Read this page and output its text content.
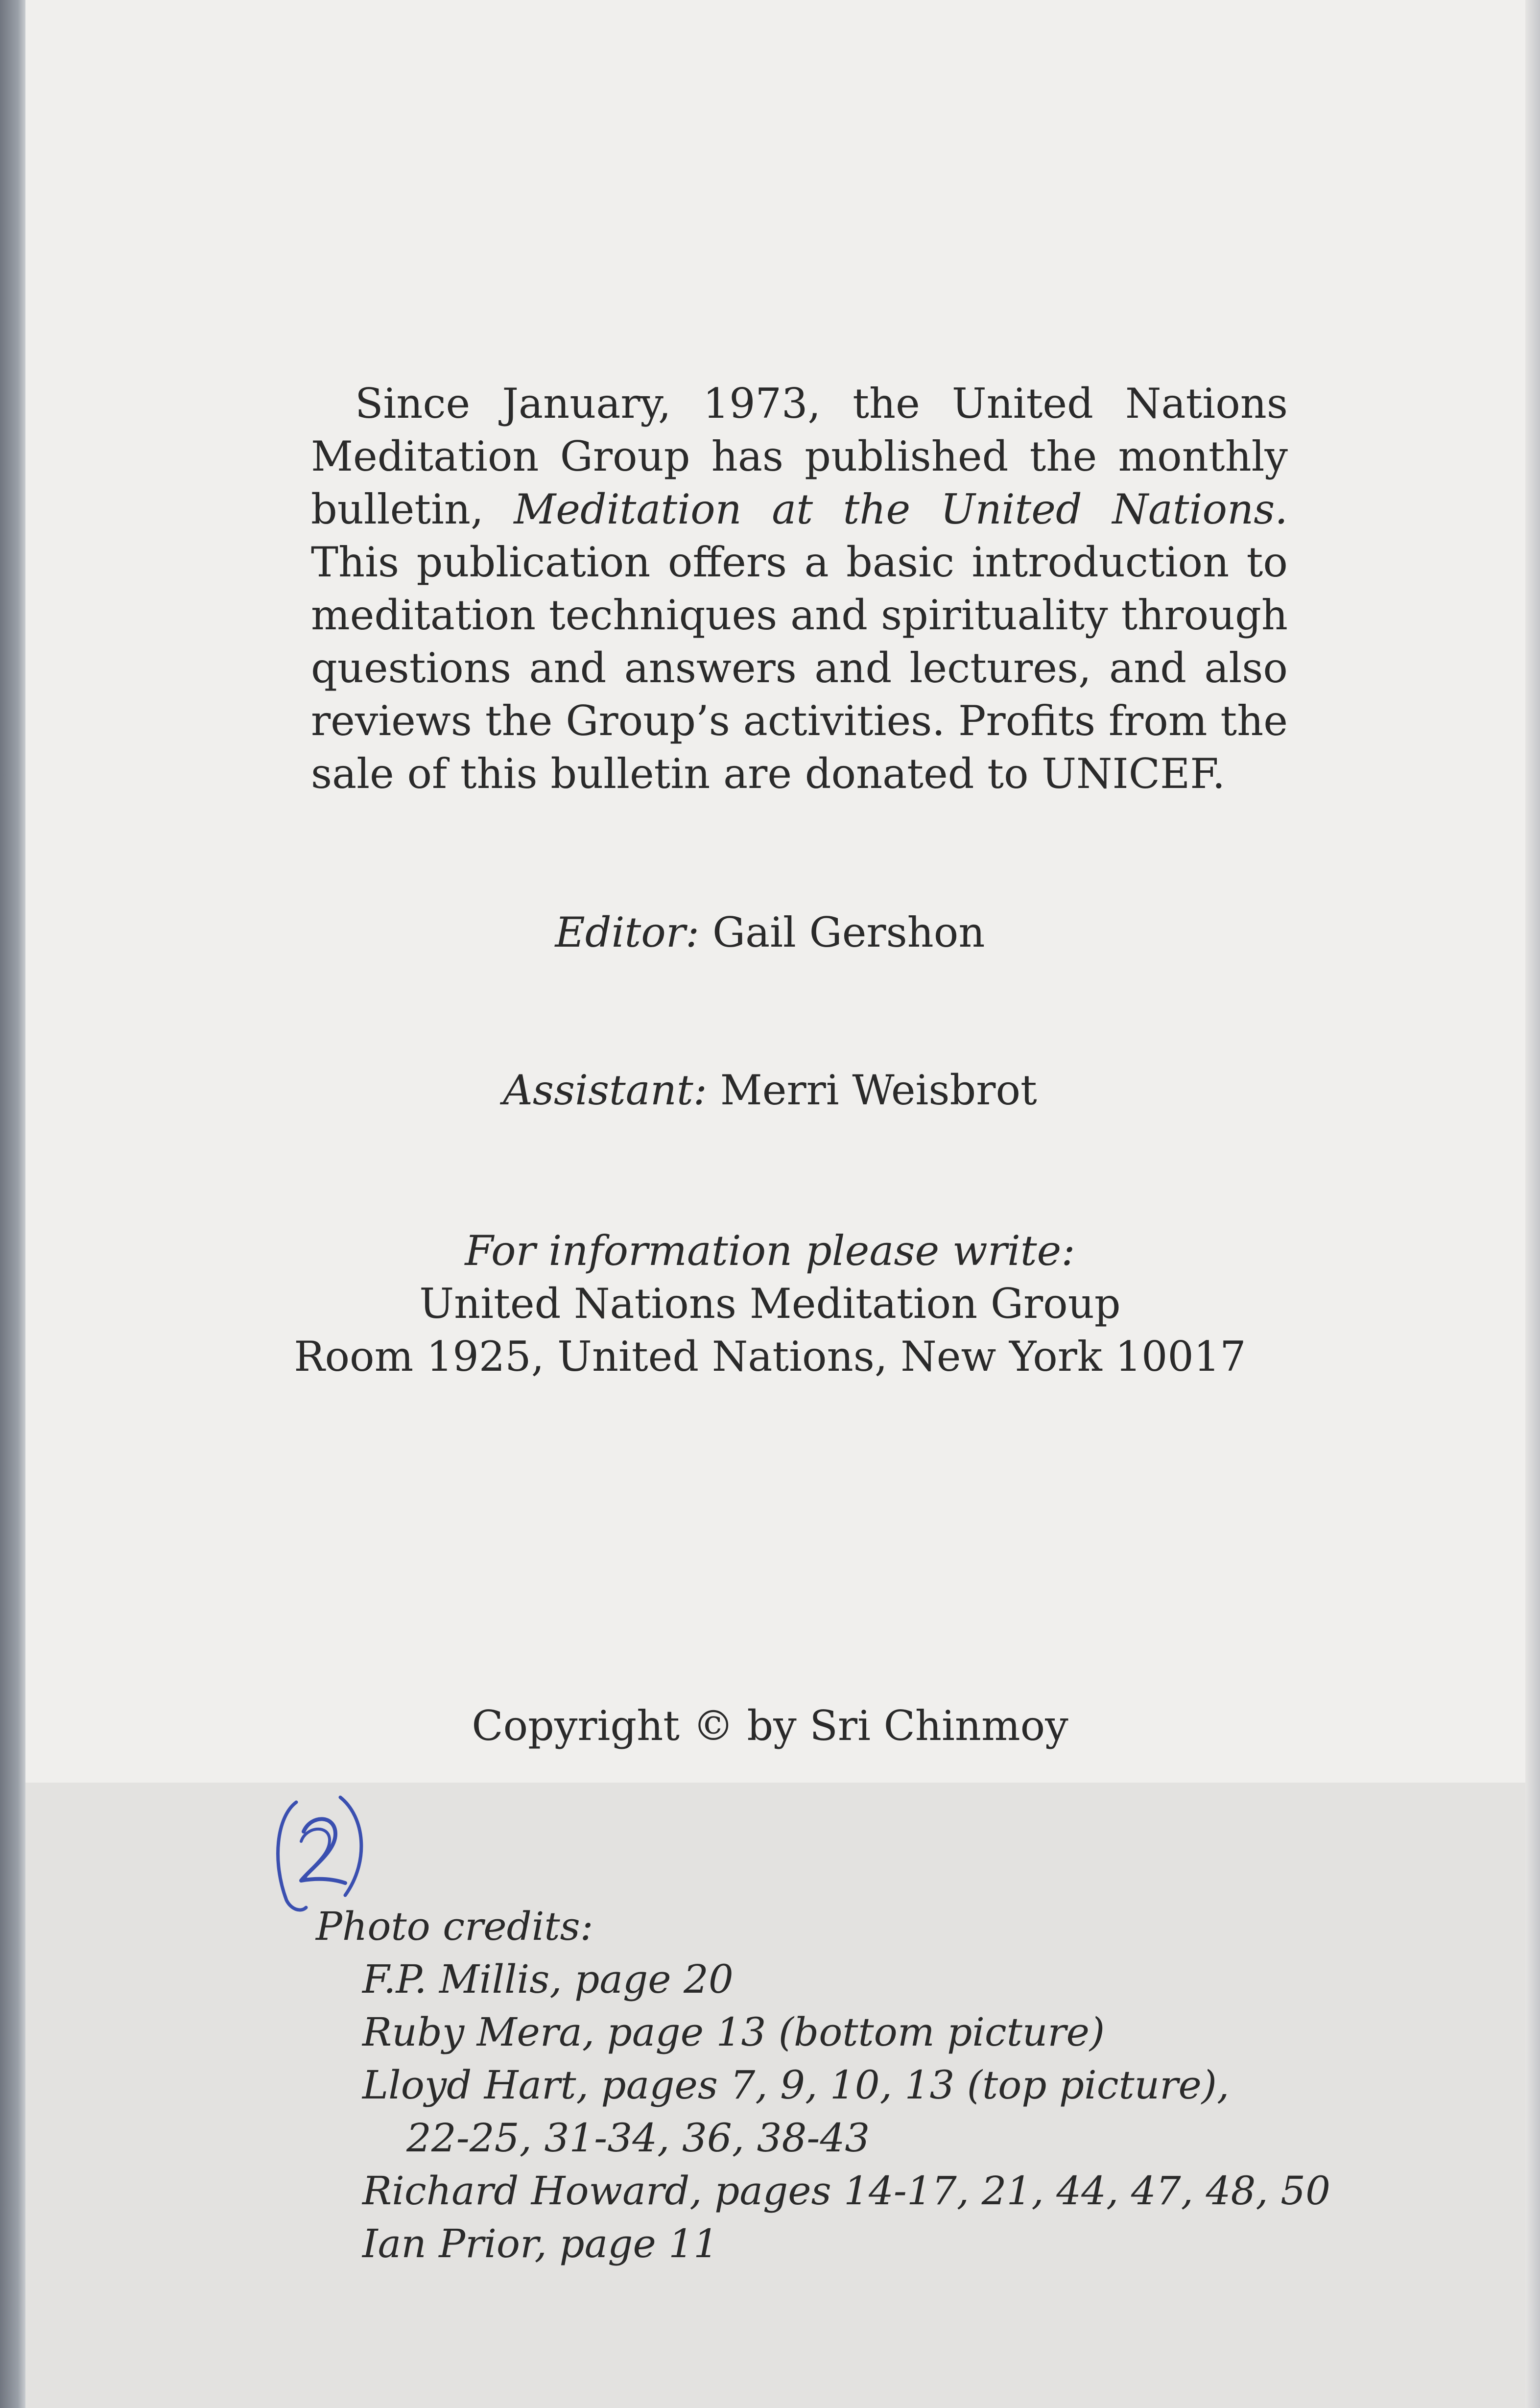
Since January, 1973, the United Nations Meditation Group has published the monthly bulletin, Meditation at the United Nations. This publication offers a basic introduction to meditation techniques and spirituality through questions and answers and lectures, and also reviews the Group’s activities. Profits from the sale of this bulletin are donated to UNICEF.

Editor: Gail Gershon

Assistant: Merri Weisbrot

For information please write:
United Nations Meditation Group
Room 1925, United Nations, New York 10017
Copyright © by Sri Chinmoy
Photo credits:
F.P. Millis, page 20
Ruby Mera, page 13 (bottom picture)
Lloyd Hart, pages 7, 9, 10, 13 (top picture),
22-25, 31-34, 36, 38-43
Richard Howard, pages 14-17, 21, 44, 47, 48, 50
Ian Prior, page 11
